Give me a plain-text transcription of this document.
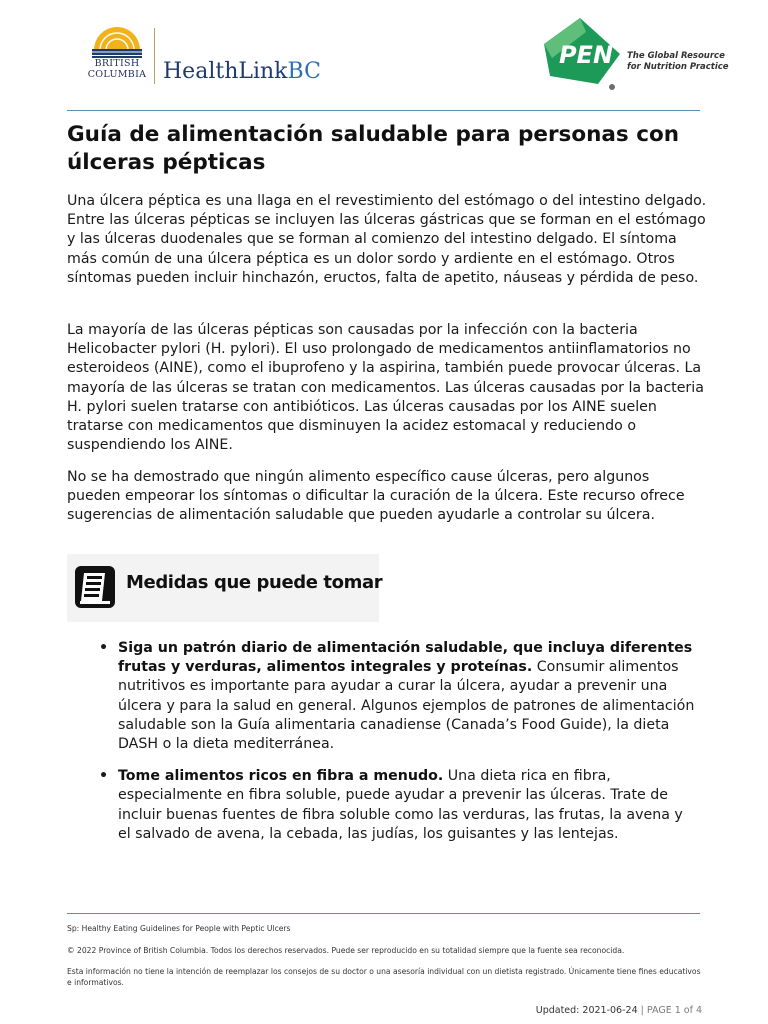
BRITISH
COLUMBIA HealthLinkBC
PEN The Global Resource
for Nutrition Practice
Guía de alimentación saludable para personas con úlceras pépticas

Una úlcera péptica es una llaga en el revestimiento del estómago o del intestino delgado. Entre las úlceras pépticas se incluyen las úlceras gástricas que se forman en el estómago y las úlceras duodenales que se forman al comienzo del intestino delgado. El síntoma más común de una úlcera péptica es un dolor sordo y ardiente en el estómago. Otros síntomas pueden incluir hinchazón, eructos, falta de apetito, náuseas y pérdida de peso.

La mayoría de las úlceras pépticas son causadas por la infección con la bacteria Helicobacter pylori (H. pylori). El uso prolongado de medicamentos antiinflamatorios no esteroideos (AINE), como el ibuprofeno y la aspirina, también puede provocar úlceras. La mayoría de las úlceras se tratan con medicamentos. Las úlceras causadas por la bacteria H. pylori suelen tratarse con antibióticos. Las úlceras causadas por los AINE suelen tratarse con medicamentos que disminuyen la acidez estomacal y reduciendo o suspendiendo los AINE.

No se ha demostrado que ningún alimento específico cause úlceras, pero algunos pueden empeorar los síntomas o dificultar la curación de la úlcera. Este recurso ofrece sugerencias de alimentación saludable que pueden ayudarle a controlar su úlcera.

Medidas que puede tomar
• Siga un patrón diario de alimentación saludable, que incluya diferentes frutas y verduras, alimentos integrales y proteínas. Consumir alimentos nutritivos es importante para ayudar a curar la úlcera, ayudar a prevenir una úlcera y para la salud en general. Algunos ejemplos de patrones de alimentación saludable son la Guía alimentaria canadiense (Canada’s Food Guide), la dieta DASH o la dieta mediterránea.
• Tome alimentos ricos en fibra a menudo. Una dieta rica en fibra, especialmente en fibra soluble, puede ayudar a prevenir las úlceras. Trate de incluir buenas fuentes de fibra soluble como las verduras, las frutas, la avena y el salvado de avena, la cebada, las judías, los guisantes y las lentejas.

Sp: Healthy Eating Guidelines for People with Peptic Ulcers

© 2022 Province of British Columbia. Todos los derechos reservados. Puede ser reproducido en su totalidad siempre que la fuente sea reconocida.

Esta información no tiene la intención de reemplazar los consejos de su doctor o una asesoría individual con un dietista registrado. Únicamente tiene fines educativos e informativos.

Updated: 2021-06-24 | PAGE 1 of 4
